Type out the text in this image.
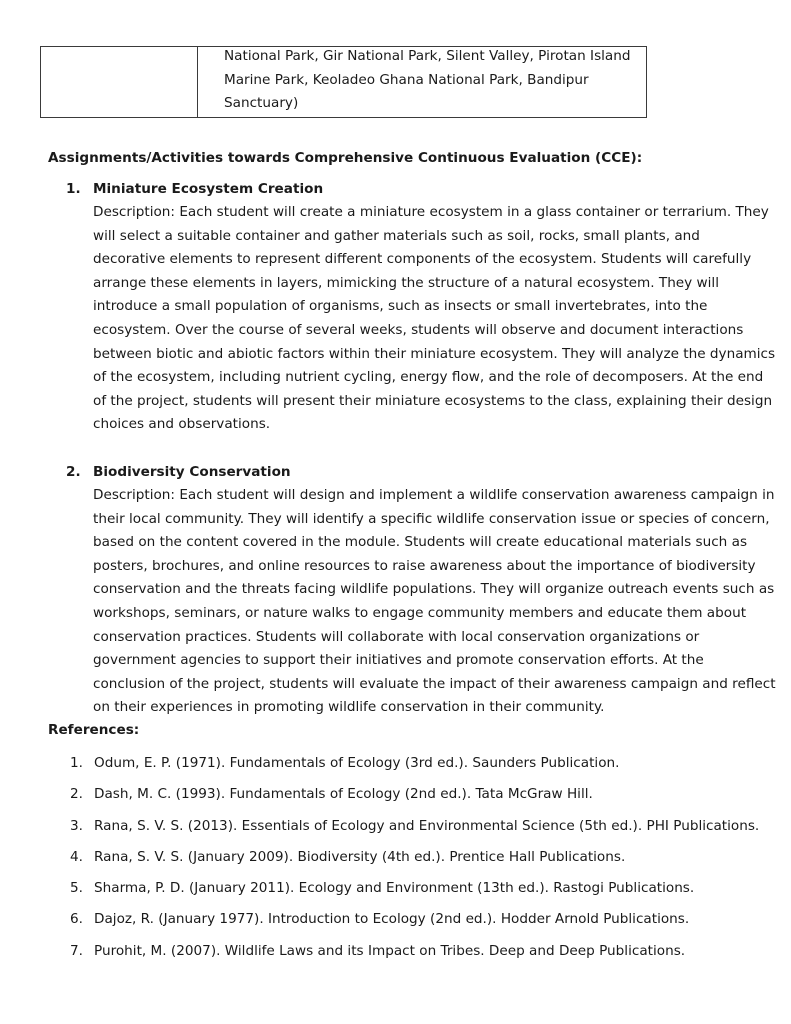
National Park, Gir National Park, Silent Valley, Pirotan Island
Marine Park, Keoladeo Ghana National Park, Bandipur
Sanctuary)
Assignments/Activities towards Comprehensive Continuous Evaluation (CCE):
1. Miniature Ecosystem Creation
Description: Each student will create a miniature ecosystem in a glass container or terrarium. They
will select a suitable container and gather materials such as soil, rocks, small plants, and
decorative elements to represent different components of the ecosystem. Students will carefully
arrange these elements in layers, mimicking the structure of a natural ecosystem. They will
introduce a small population of organisms, such as insects or small invertebrates, into the
ecosystem. Over the course of several weeks, students will observe and document interactions
between biotic and abiotic factors within their miniature ecosystem. They will analyze the dynamics
of the ecosystem, including nutrient cycling, energy flow, and the role of decomposers. At the end
of the project, students will present their miniature ecosystems to the class, explaining their design
choices and observations.
2. Biodiversity Conservation
Description: Each student will design and implement a wildlife conservation awareness campaign in
their local community. They will identify a specific wildlife conservation issue or species of concern,
based on the content covered in the module. Students will create educational materials such as
posters, brochures, and online resources to raise awareness about the importance of biodiversity
conservation and the threats facing wildlife populations. They will organize outreach events such as
workshops, seminars, or nature walks to engage community members and educate them about
conservation practices. Students will collaborate with local conservation organizations or
government agencies to support their initiatives and promote conservation efforts. At the
conclusion of the project, students will evaluate the impact of their awareness campaign and reflect
on their experiences in promoting wildlife conservation in their community.
References:
1. Odum, E. P. (1971). Fundamentals of Ecology (3rd ed.). Saunders Publication.
2. Dash, M. C. (1993). Fundamentals of Ecology (2nd ed.). Tata McGraw Hill.
3. Rana, S. V. S. (2013). Essentials of Ecology and Environmental Science (5th ed.). PHI Publications.
4. Rana, S. V. S. (January 2009). Biodiversity (4th ed.). Prentice Hall Publications.
5. Sharma, P. D. (January 2011). Ecology and Environment (13th ed.). Rastogi Publications.
6. Dajoz, R. (January 1977). Introduction to Ecology (2nd ed.). Hodder Arnold Publications.
7. Purohit, M. (2007). Wildlife Laws and its Impact on Tribes. Deep and Deep Publications.
